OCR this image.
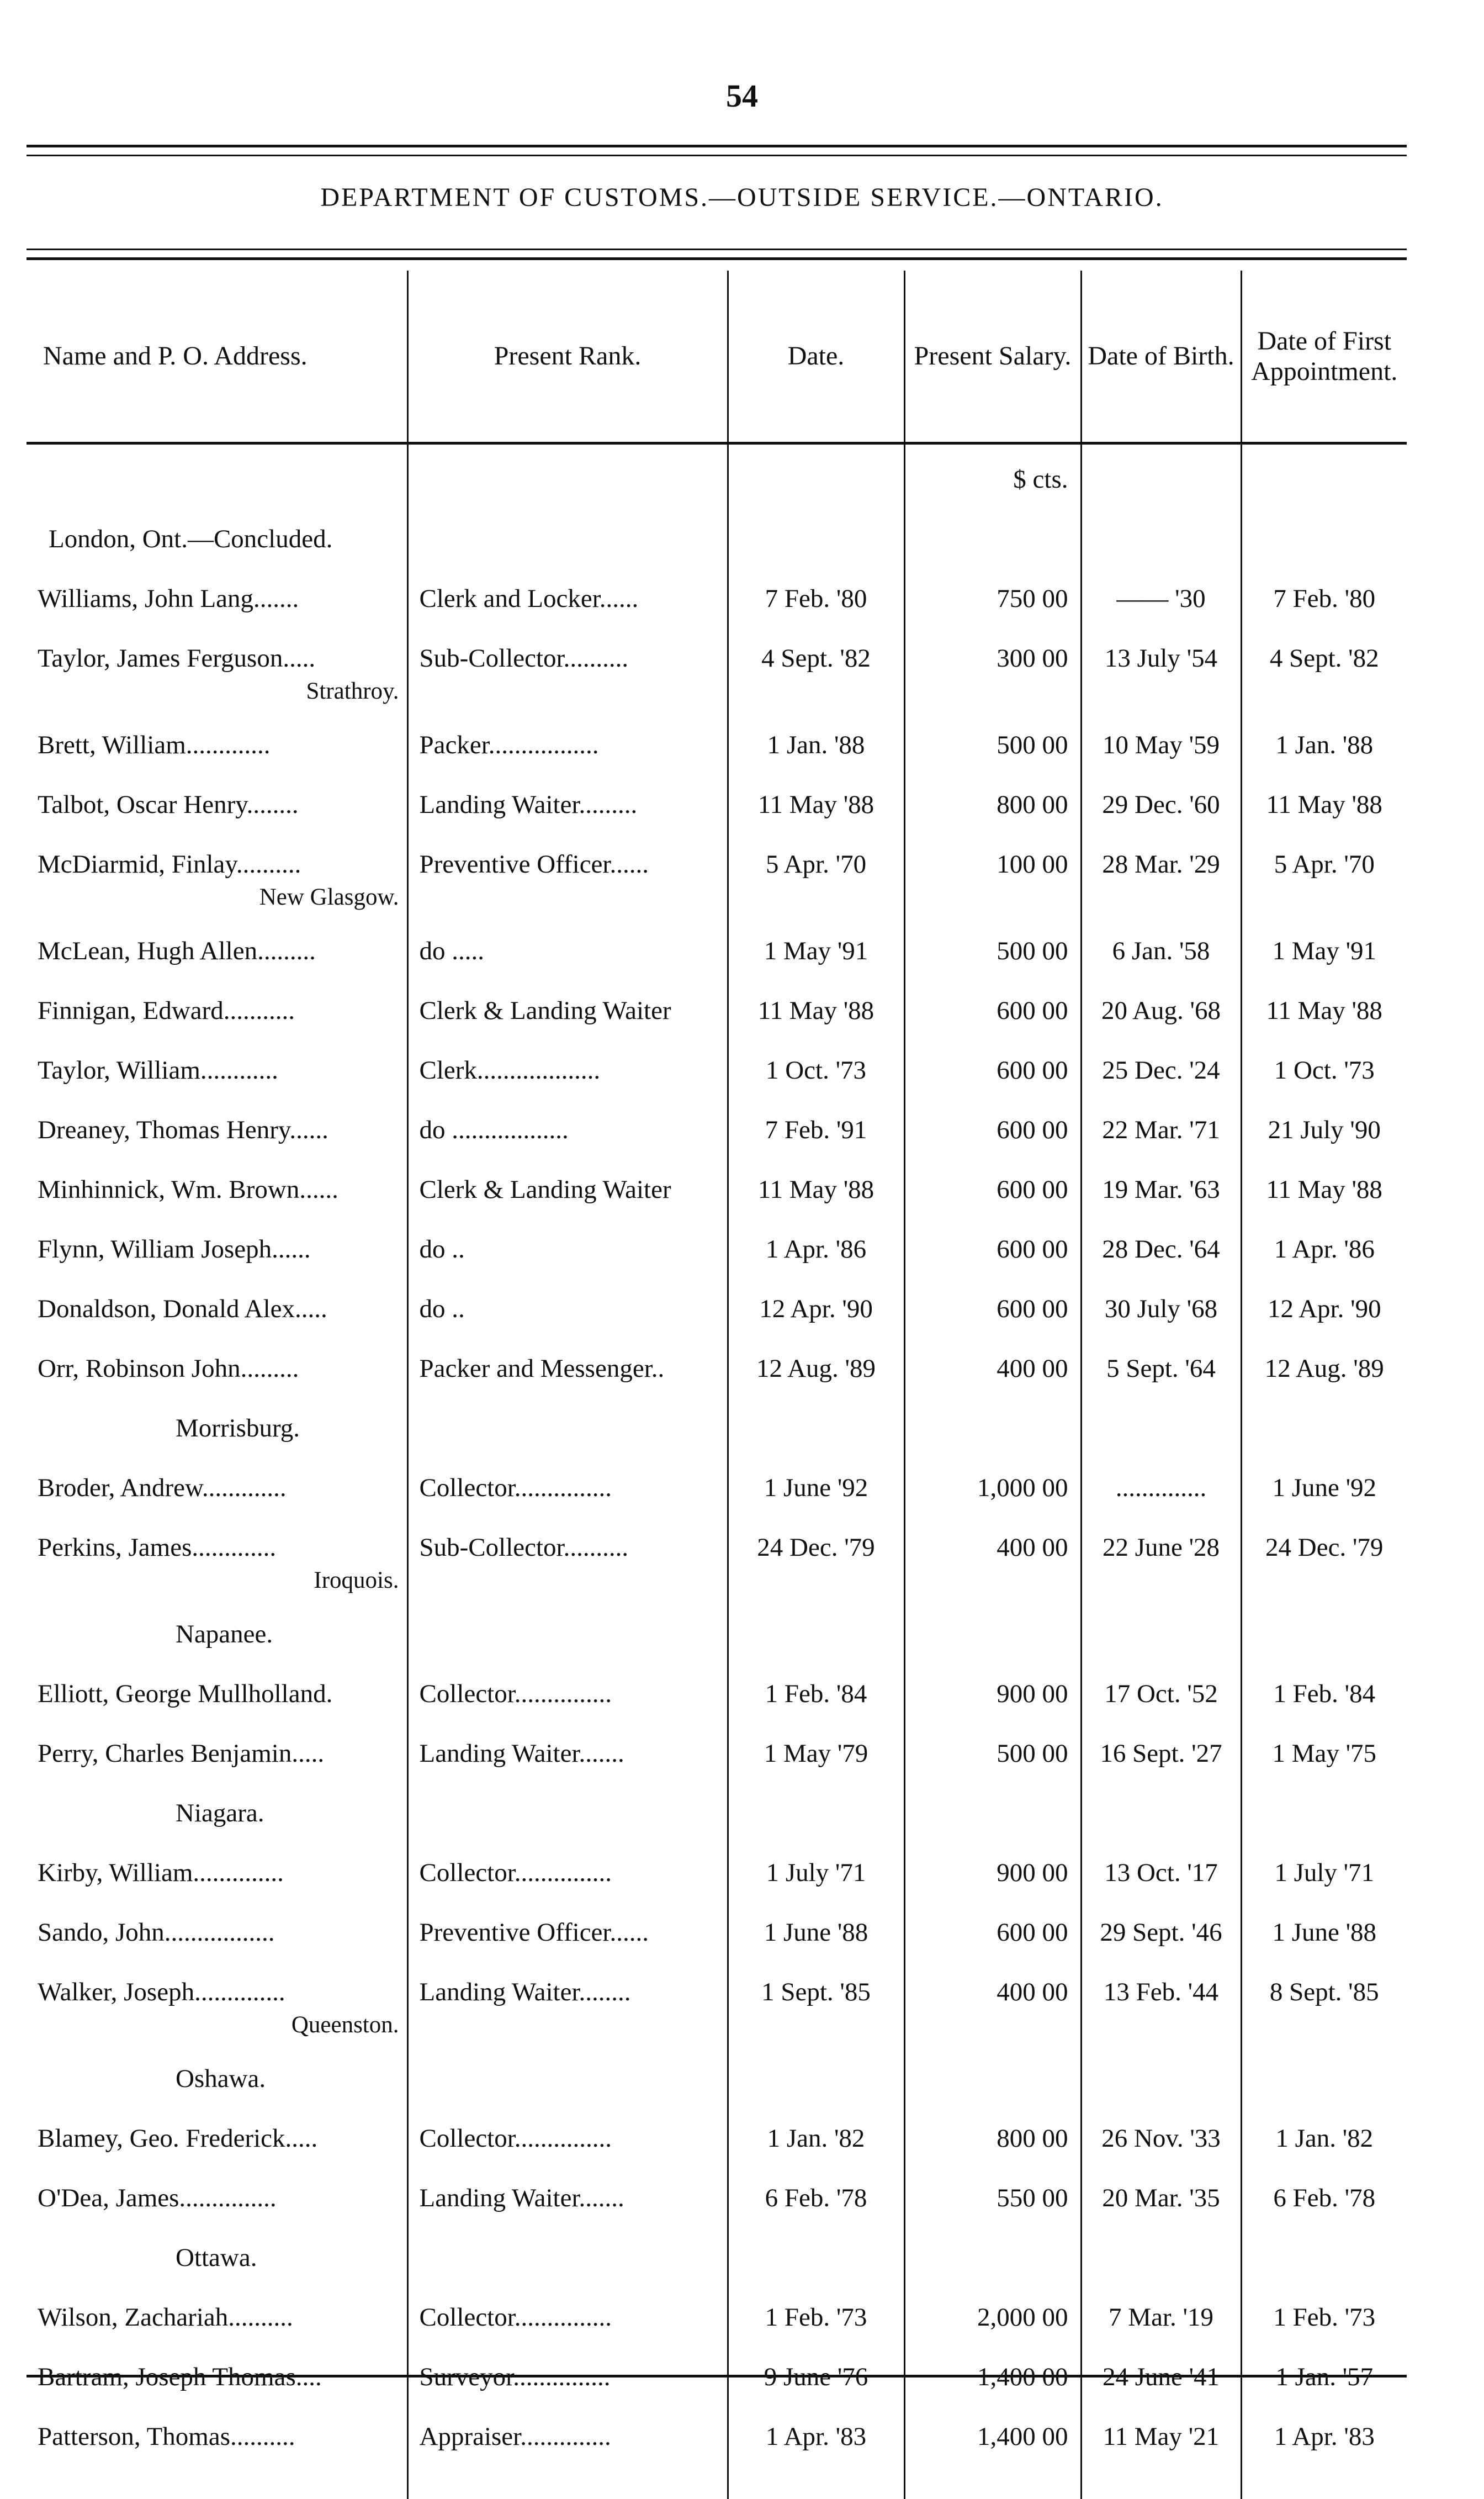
54
DEPARTMENT OF CUSTOMS.—OUTSIDE SERVICE.—ONTARIO.
Name and P. O. Address.	Present Rank.	Date.	Present Salary.	Date of Birth.	Date of First Appointment.
			$ cts.		
London, Ont.—Concluded.					
Williams, John Lang.......	Clerk and Locker......	7 Feb. '80	750 00	—— '30	7 Feb. '80
Taylor, James Ferguson.....	Sub-Collector..........	4 Sept. '82	300 00	13 July '54	4 Sept. '82
Strathroy.					
Brett, William.............	Packer.................	1 Jan. '88	500 00	10 May '59	1 Jan. '88
Talbot, Oscar Henry........	Landing Waiter.........	11 May '88	800 00	29 Dec. '60	11 May '88
McDiarmid, Finlay..........	Preventive Officer......	5 Apr. '70	100 00	28 Mar. '29	5 Apr. '70
New Glasgow.					
McLean, Hugh Allen.........	do .....	1 May '91	500 00	6 Jan. '58	1 May '91
Finnigan, Edward...........	Clerk & Landing Waiter	11 May '88	600 00	20 Aug. '68	11 May '88
Taylor, William............	Clerk...................	1 Oct. '73	600 00	25 Dec. '24	1 Oct. '73
Dreaney, Thomas Henry......	do ..................	7 Feb. '91	600 00	22 Mar. '71	21 July '90
Minhinnick, Wm. Brown......	Clerk & Landing Waiter	11 May '88	600 00	19 Mar. '63	11 May '88
Flynn, William Joseph......	do ..	1 Apr. '86	600 00	28 Dec. '64	1 Apr. '86
Donaldson, Donald Alex.....	do ..	12 Apr. '90	600 00	30 July '68	12 Apr. '90
Orr, Robinson John.........	Packer and Messenger..	12 Aug. '89	400 00	5 Sept. '64	12 Aug. '89
Morrisburg.					
Broder, Andrew.............	Collector...............	1 June '92	1,000 00	..............	1 June '92
Perkins, James.............	Sub-Collector..........	24 Dec. '79	400 00	22 June '28	24 Dec. '79
Iroquois.					
Napanee.					
Elliott, George Mullholland.	Collector...............	1 Feb. '84	900 00	17 Oct. '52	1 Feb. '84
Perry, Charles Benjamin.....	Landing Waiter.......	1 May '79	500 00	16 Sept. '27	1 May '75
Niagara.					
Kirby, William..............	Collector...............	1 July '71	900 00	13 Oct. '17	1 July '71
Sando, John.................	Preventive Officer......	1 June '88	600 00	29 Sept. '46	1 June '88
Walker, Joseph..............	Landing Waiter........	1 Sept. '85	400 00	13 Feb. '44	8 Sept. '85
Queenston.					
Oshawa.					
Blamey, Geo. Frederick.....	Collector...............	1 Jan. '82	800 00	26 Nov. '33	1 Jan. '82
O'Dea, James...............	Landing Waiter.......	6 Feb. '78	550 00	20 Mar. '35	6 Feb. '78
Ottawa.					
Wilson, Zachariah..........	Collector...............	1 Feb. '73	2,000 00	7 Mar. '19	1 Feb. '73
Bartram, Joseph Thomas....	Surveyor...............	9 June '76	1,400 00	24 June '41	1 Jan. '57
Patterson, Thomas..........	Appraiser..............	1 Apr. '83	1,400 00	11 May '21	1 Apr. '83
